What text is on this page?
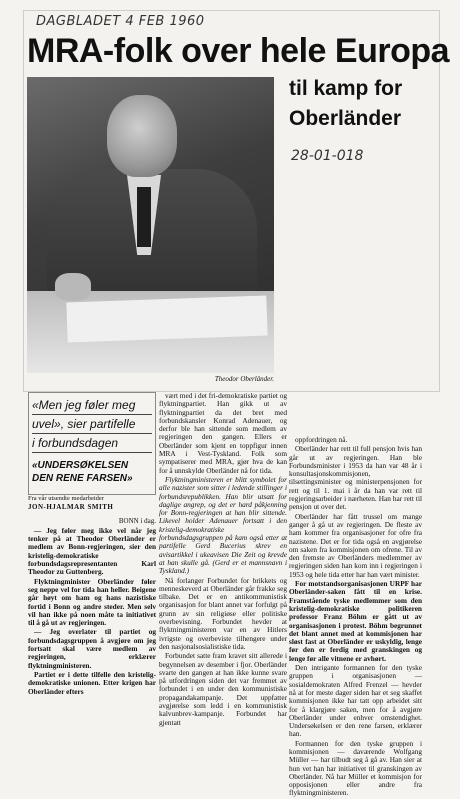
DAGBLADET 4 FEB 1960
MRA-folk over hele Europa
til kamp for
Oberländer
28-01-018
Theodor Oberländer.
«Men jeg føler meg
uvel», sier partifelle
i forbundsdagen
«UNDERSØKELSEN DEN RENE FARSEN»
Fra vår utsendte medarbeider
JON-HJALMAR SMITH
BONN i dag.

— Jeg føler meg ikke vel når jeg tenker på at Theodor Oberländer er medlem av Bonn-regjeringen, sier den kristelig-demokratiske forbundsdagsrepresentanten Karl Theodor zu Guttenberg.

Flyktningminister Oberländer føler seg neppe vel for tida han heller. Beigene går høyt om ham og hans nazistiske fortid i Bonn og andre steder. Men selv vil han ikke på noen måte ta initiativet til å gå ut av regjeringen.

— Jeg overlater til partiet og forbundsdagsgruppen å avgjøre om jeg fortsatt skal være medlem av regjeringen, erklærer flyktningministeren.

Partiet er i dette tilfelle den kristelig-demokratiske unionen. Etter krigen har Oberländer efters

vært med i det fri-demokratiske partiet og flyktningpartiet. Han gikk ut av flyktningpartiet da det bret med forbundskansler Konrad Adenauer, og derfor ble han sittende som medlem av regjeringen den gangen. Ellers er Oberländer som kjent en toppfigur innen MRA i Vest-Tyskland. Folk som sympatiserer med MRA, gjør hva de kan for å unnskylde Oberländer nå for tida.

Flyktningministeren er blitt symbolet for alle nazister som sitter i ledende stillinger i forbundsrepublikken. Han blir utsatt for daglige angrep, og det er hard påkjenning for Bonn-regjeringen at han blir sittende. Likevel holder Adenauer fortsatt i den kristelig-demokratiske forbundsdagsgruppen på kam også etter at partifelle Gerd Bucerius skrev en avisartikkel i ukeavisen Die Zeit og krevde at han skulle gå. (Gerd er et mannsnavn i Tyskland.)

Nå forlanger Forbundet for brikkets og menneskeverd at Oberländer går frakke seg tilbake. Det er en antikommunistisk organisasjon for blant annet var forfulgt på grunn av sin religiøse eller politiske overbevisning. Forbundet hevder at flyktningministeren var en av Hitlers ivrigste og overbeviste tilhengere under den nasjonalsosialistiske tida.

Forbundet satte fram kravet sitt allerede i begynnelsen av desember i fjor. Oberländer svarte den gangen at han ikke kunne svare på utfordringen siden det var fremmet av forbundet i en under den kommunistiske propagandakampanje. Det uppfatter avgjørelse som ledd i en kommunistisk kalvunbrev-kampanje. Forbundet har gjentatt

oppfordringen nå.

Oberländer har rett til full pensjon hvis han går ut av regjeringen. Han ble Forbundsminister i 1953 da han var 48 år i konsultasjonskommisjonen, tilsettingsminister og ministerpensjonen for rett og til 1. mai i år da han var rett til regjeringsarbeider i nærheten. Han har rett til pensjon ut over det.

Oberländer har fått trussel om mange ganger å gå ut av regjeringen. De fleste av ham kommer fra organisasjoner for ofre fra nazistene. Det er for tida også en avgjørelse om saken fra kommisjonen om ofrene. Til av den fremste av Oberländers medlemmer av regjeringen siden han kom inn i regjeringen i 1953 og hele tida etter har han vært minister.

For motstandsorganisasjonen URPF har Oberländer-saken fått til en krise. Framstående tyske medlemmer som den kristelig-demokratiske politikeren professor Franz Böhm er gått ut av organisasjonen i protest. Böhm begrunnet det blant annet med at kommisjonen har sløst fast at Oberländer er uskyldig, lenge før den er ferdig med granskingen og lenge før alle vitnene er avhørt.

Den intrigante formannen for den tyske gruppen i organisasjonen — sosialdemokraten Alfred Frenzel — hevder nå at for meste dager siden har et seg skaffet kommisjonen ikke har tatt opp arbeidet sitt for å klargjøre saken, men for å avgjøre Oberländer under enhver omstendighet. Undersøkelsen er den rene farsen, erklærer han.

Formannen for den tyske gruppen i kommisjonen — daværende Wolfgang Müller — har tilbudt seg å gå av. Han sier at hun vet han har initiativet til granskingen av Oberländer. Nå har Müller et kommisjon for opposisjonen eller andre fra flyktningministeren.
